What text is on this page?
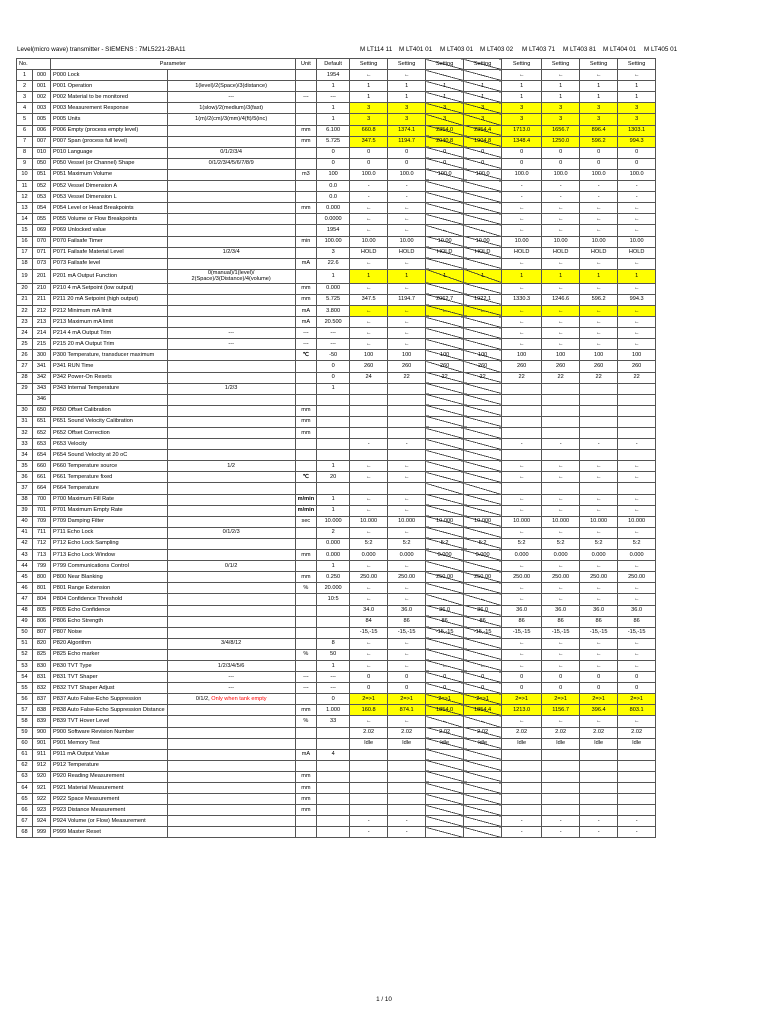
Level(micro wave) transmitter - SIEMENS : 7ML5221-2BA11	M LT114 11 M LT401 01 M LT403 01 M LT403 02 M LT403 71 M LT403 81 M LT404 01 M LT405 01
No.		Parameter		Unit	Default	Setting	Setting	Setting	Setting	Setting	Setting	Setting	Setting
1	000	P000 Lock			1954	←	←	←	←	←	←	←	←
2	001	P001 Operation	1(level)/2(Space)/3(distance)		1	1	1	1	1	1	1	1	1
3	002	P002 Material to be monitored	---	---	---	1	1	1	1	1	1	1	1
4	003	P003 Measurement Response	1(slow)/2(medium)/3(fast)		1	3	3	3	3	3	3	3	3
5	005	P005 Units	1(m)/2(cm)/3(mm)/4(ft)/5(inc)		1	3	3	3	3	3	3	3	3
6	006	P006 Empty (process empty level)		mm	6.100	660.8	1374.1	2354.0	2354.4	1713.0	1656.7	896.4	1303.1
7	007	P007 Span (process full level)		mm	5.725	347.5	1194.7	2040.8	1904.8	1348.4	1250.0	596.2	994.3
8	010	P010 Language	0/1/2/3/4		0	0	0	0	0	0	0	0	0
9	050	P050 Vessel (or Channel) Shape	0/1/2/3/4/5/6/7/8/9		0	0	0	0	0	0	0	0	0
10	051	P051 Maximum Volume		m3	100	100.0	100.0	100.0	100.0	100.0	100.0	100.0	100.0
11	052	P052 Vessel Dimension A			0.0	-	-			-	-	-	-
12	053	P053 Vessel Dimension L			0.0	-	-			-	-	-	-
13	054	P054 Level or Head Breakpoints		mm	0.000	←	←	←	←	←	←	←	←
14	055	P055 Volume or Flow Breakpoints			0.0000	←	←	←	←	←	←	←	←
15	069	P069 Unlocked value			1954	←	←	←	←	←	←	←	←
16	070	P070 Failsafe Timer		min	100.00	10.00	10.00	10.00	10.00	10.00	10.00	10.00	10.00
17	071	P071 Failsafe Material Level	1/2/3/4		3	HOLD	HOLD	HOLD	HOLD	HOLD	HOLD	HOLD	HOLD
18	073	P073 Failsafe level		mA	22.6	←	←	←	←	←	←	←	←
19	201	P201 mA Output Function	0(manual)/1(level)/ 2(Space)/3(Distance)/4(volume)		1	1	1	1	1	1	1	1	1
20	210	P210 4 mA Setpoint (low output)		mm	0.000	←	←	←	←	←	←	←	←
21	211	P211 20 mA Setpoint (high output)		mm	5.725	347.5	1194.7	2062.7	1922.1	1330.3	1246.6	596.2	994.3
22	212	P212 Minimum mA limit		mA	3.800	←	←	←	←	←	←	←	←
23	213	P213 Maximum mA limit		mA	20.500	←	←	←	←	←	←	←	←
24	214	P214 4 mA Output Trim	---	---	---	←	←	←	←	←	←	←	←
25	215	P215 20 mA Output Trim	---	---	---	←	←	←	←	←	←	←	←
26	300	P300 Temperature, transducer maximum		℃	-50	100	100	100	100	100	100	100	100
27	341	P341 RUN Time			0	260	260	260	260	260	260	260	260
28	342	P342 Power-On Resets			0	24	22	22	22	22	22	22	22
29	343	P343 Internal Temperature	1/2/3		1								
	346												
30	650	P650 Offset Calibration		mm									
31	651	P651 Sound Velocity Calibration		mm									
32	652	P652 Offset Correction		mm									
33	653	P653 Velocity				-	-			-	-	-	-
34	654	P654 Sound Velocity at 20 oC											
35	660	P660 Temperature source	1/2		1	←	←	←	←	←	←	←	←
36	661	P661 Temperature fixed		℃	20	←	←	←	←	←	←	←	←
37	664	P664 Temperature											
38	700	P700 Maximum Fill Rate		m/min	1	←	←	←	←	←	←	←	←
39	701	P701 Maximum Empty Rate		m/min	1	←	←	←	←	←	←	←	←
40	709	P709 Damping Filter		sec	10.000	10.000	10.000	10.000	10.000	10.000	10.000	10.000	10.000
41	711	P711 Echo Lock	0/1/2/3		2	←	←	←	←	←	←	←	←
42	712	P712 Echo Lock Sampling			0.000	5:2	5:2	5:2	5:2	5:2	5:2	5:2	5:2
43	713	P713 Echo Lock Window		mm	0.000	0.000	0.000	0.000	0.000	0.000	0.000	0.000	0.000
44	799	P799 Communications Control	0/1/2		1	←	←	←	←	←	←	←	←
45	800	P800 Near Blanking		mm	0.250	250.00	250.00	250.00	250.00	250.00	250.00	250.00	250.00
46	801	P801 Range Extension		%	20.000	←	←	←	←	←	←	←	←
47	804	P804 Confidence Threshold			10:5	←	←	←	←	←	←	←	←
48	805	P805 Echo Confidence				34.0	36.0	36.0	36.0	36.0	36.0	36.0	36.0
49	806	P806 Echo Strength				84	86	86	86	86	86	86	86
50	807	P807 Noise				-15,-15	-15,-15	-15,-15	-15,-15	-15,-15	-15,-15	-15,-15	-15,-15
51	820	P820 Algorithm	3/4/8/12		8	←	←	←	←	←	←	←	←
52	825	P825 Echo marker		%	50	←	←	←	←	←	←	←	←
53	830	P830 TVT Type	1/2/3/4/5/6		1	←	←	←	←	←	←	←	←
54	831	P831 TVT Shaper	---	---	---	0	0	0	0	0	0	0	0
55	832	P832 TVT Shaper Adjust	---	---	---	0	0	0	0	0	0	0	0
56	837	P837 Auto False-Echo Suppression	0/1/2, Only when tank empty		0	2=>1	2=>1	2=>1	2=>1	2=>1	2=>1	2=>1	2=>1
57	838	P838 Auto False-Echo Suppression Distance		mm	1.000	160.8	874.1	1854.0	1854.4	1213.0	1156.7	396.4	803.1
58	839	P839 TVT Hover Level		%	33	←	←	←	←	←	←	←	←
59	900	P900 Software Revision Number				2.02	2.02	2.02	2.02	2.02	2.02	2.02	2.02
60	901	P901 Memory Test				Idle	Idle	Idle	Idle	Idle	Idle	Idle	Idle
61	911	P911 mA Output Value		mA	4								
62	912	P912 Temperature											
63	920	P920 Reading Measurement		mm									
64	921	P921 Material Measurement		mm									
65	922	P922 Space Measurement		mm									
66	923	P923 Distance Measurement		mm									
67	924	P924 Volume (or Flow) Measurement				-	-			-	-	-	-
68	999	P999 Master Reset				-	-			-	-	-	-
1 / 10
